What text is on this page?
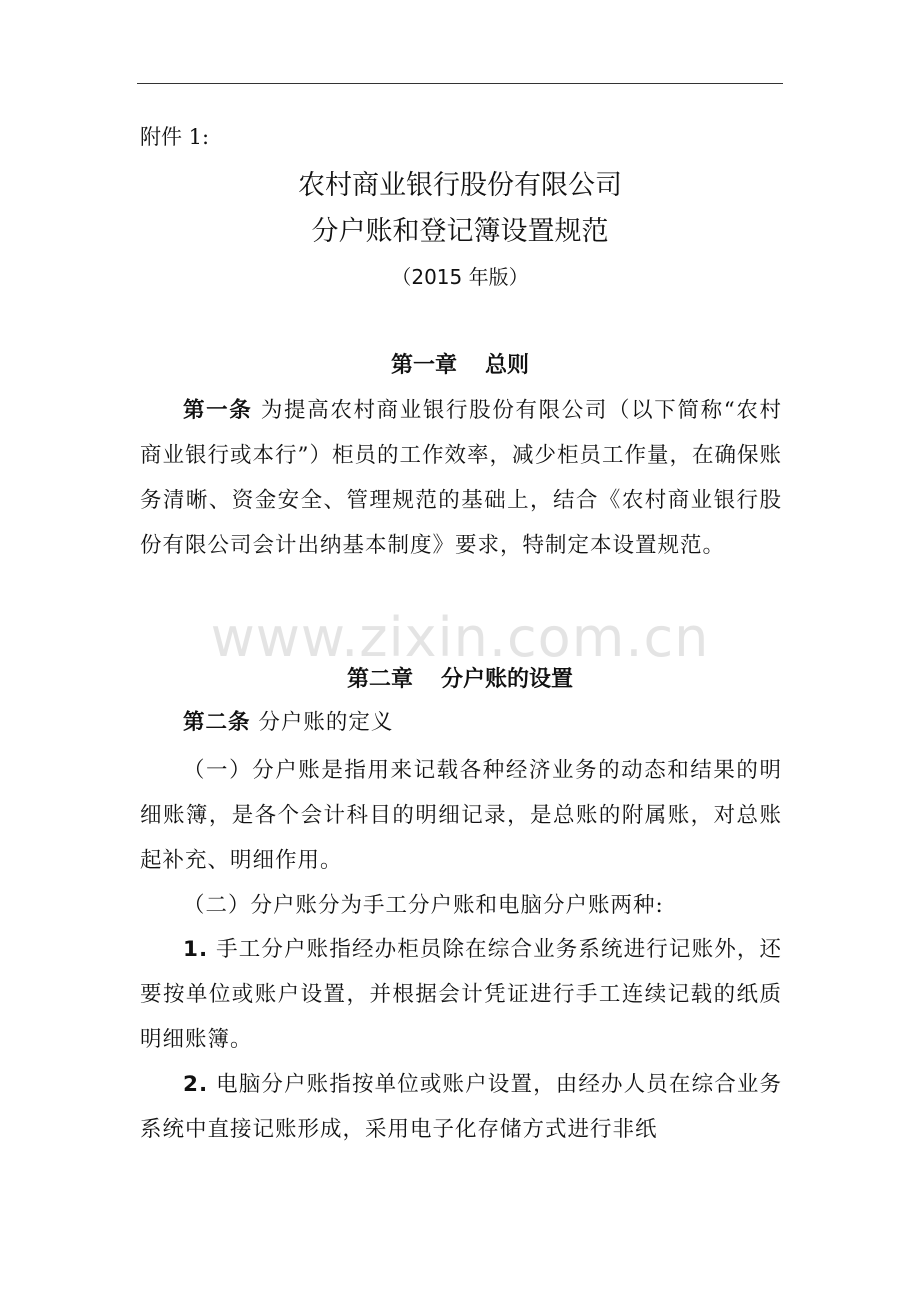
附件 1:
农村商业银行股份有限公司
分户账和登记簿设置规范
（2015 年版）
第一章 总则

第一条 为提高农村商业银行股份有限公司（以下简称“农村商业银行或本行”）柜员的工作效率，减少柜员工作量，在确保账务清晰、资金安全、管理规范的基础上，结合《农村商业银行股份有限公司会计出纳基本制度》要求，特制定本设置规范。

www.zixin.com.cn
第二章 分户账的设置

第二条 分户账的定义

（一）分户账是指用来记载各种经济业务的动态和结果的明细账簿，是各个会计科目的明细记录，是总账的附属账，对总账起补充、明细作用。

（二）分户账分为手工分户账和电脑分户账两种:

1. 手工分户账指经办柜员除在综合业务系统进行记账外，还要按单位或账户设置，并根据会计凭证进行手工连续记载的纸质明细账簿。

2. 电脑分户账指按单位或账户设置，由经办人员在综合业务系统中直接记账形成，采用电子化存储方式进行非纸
